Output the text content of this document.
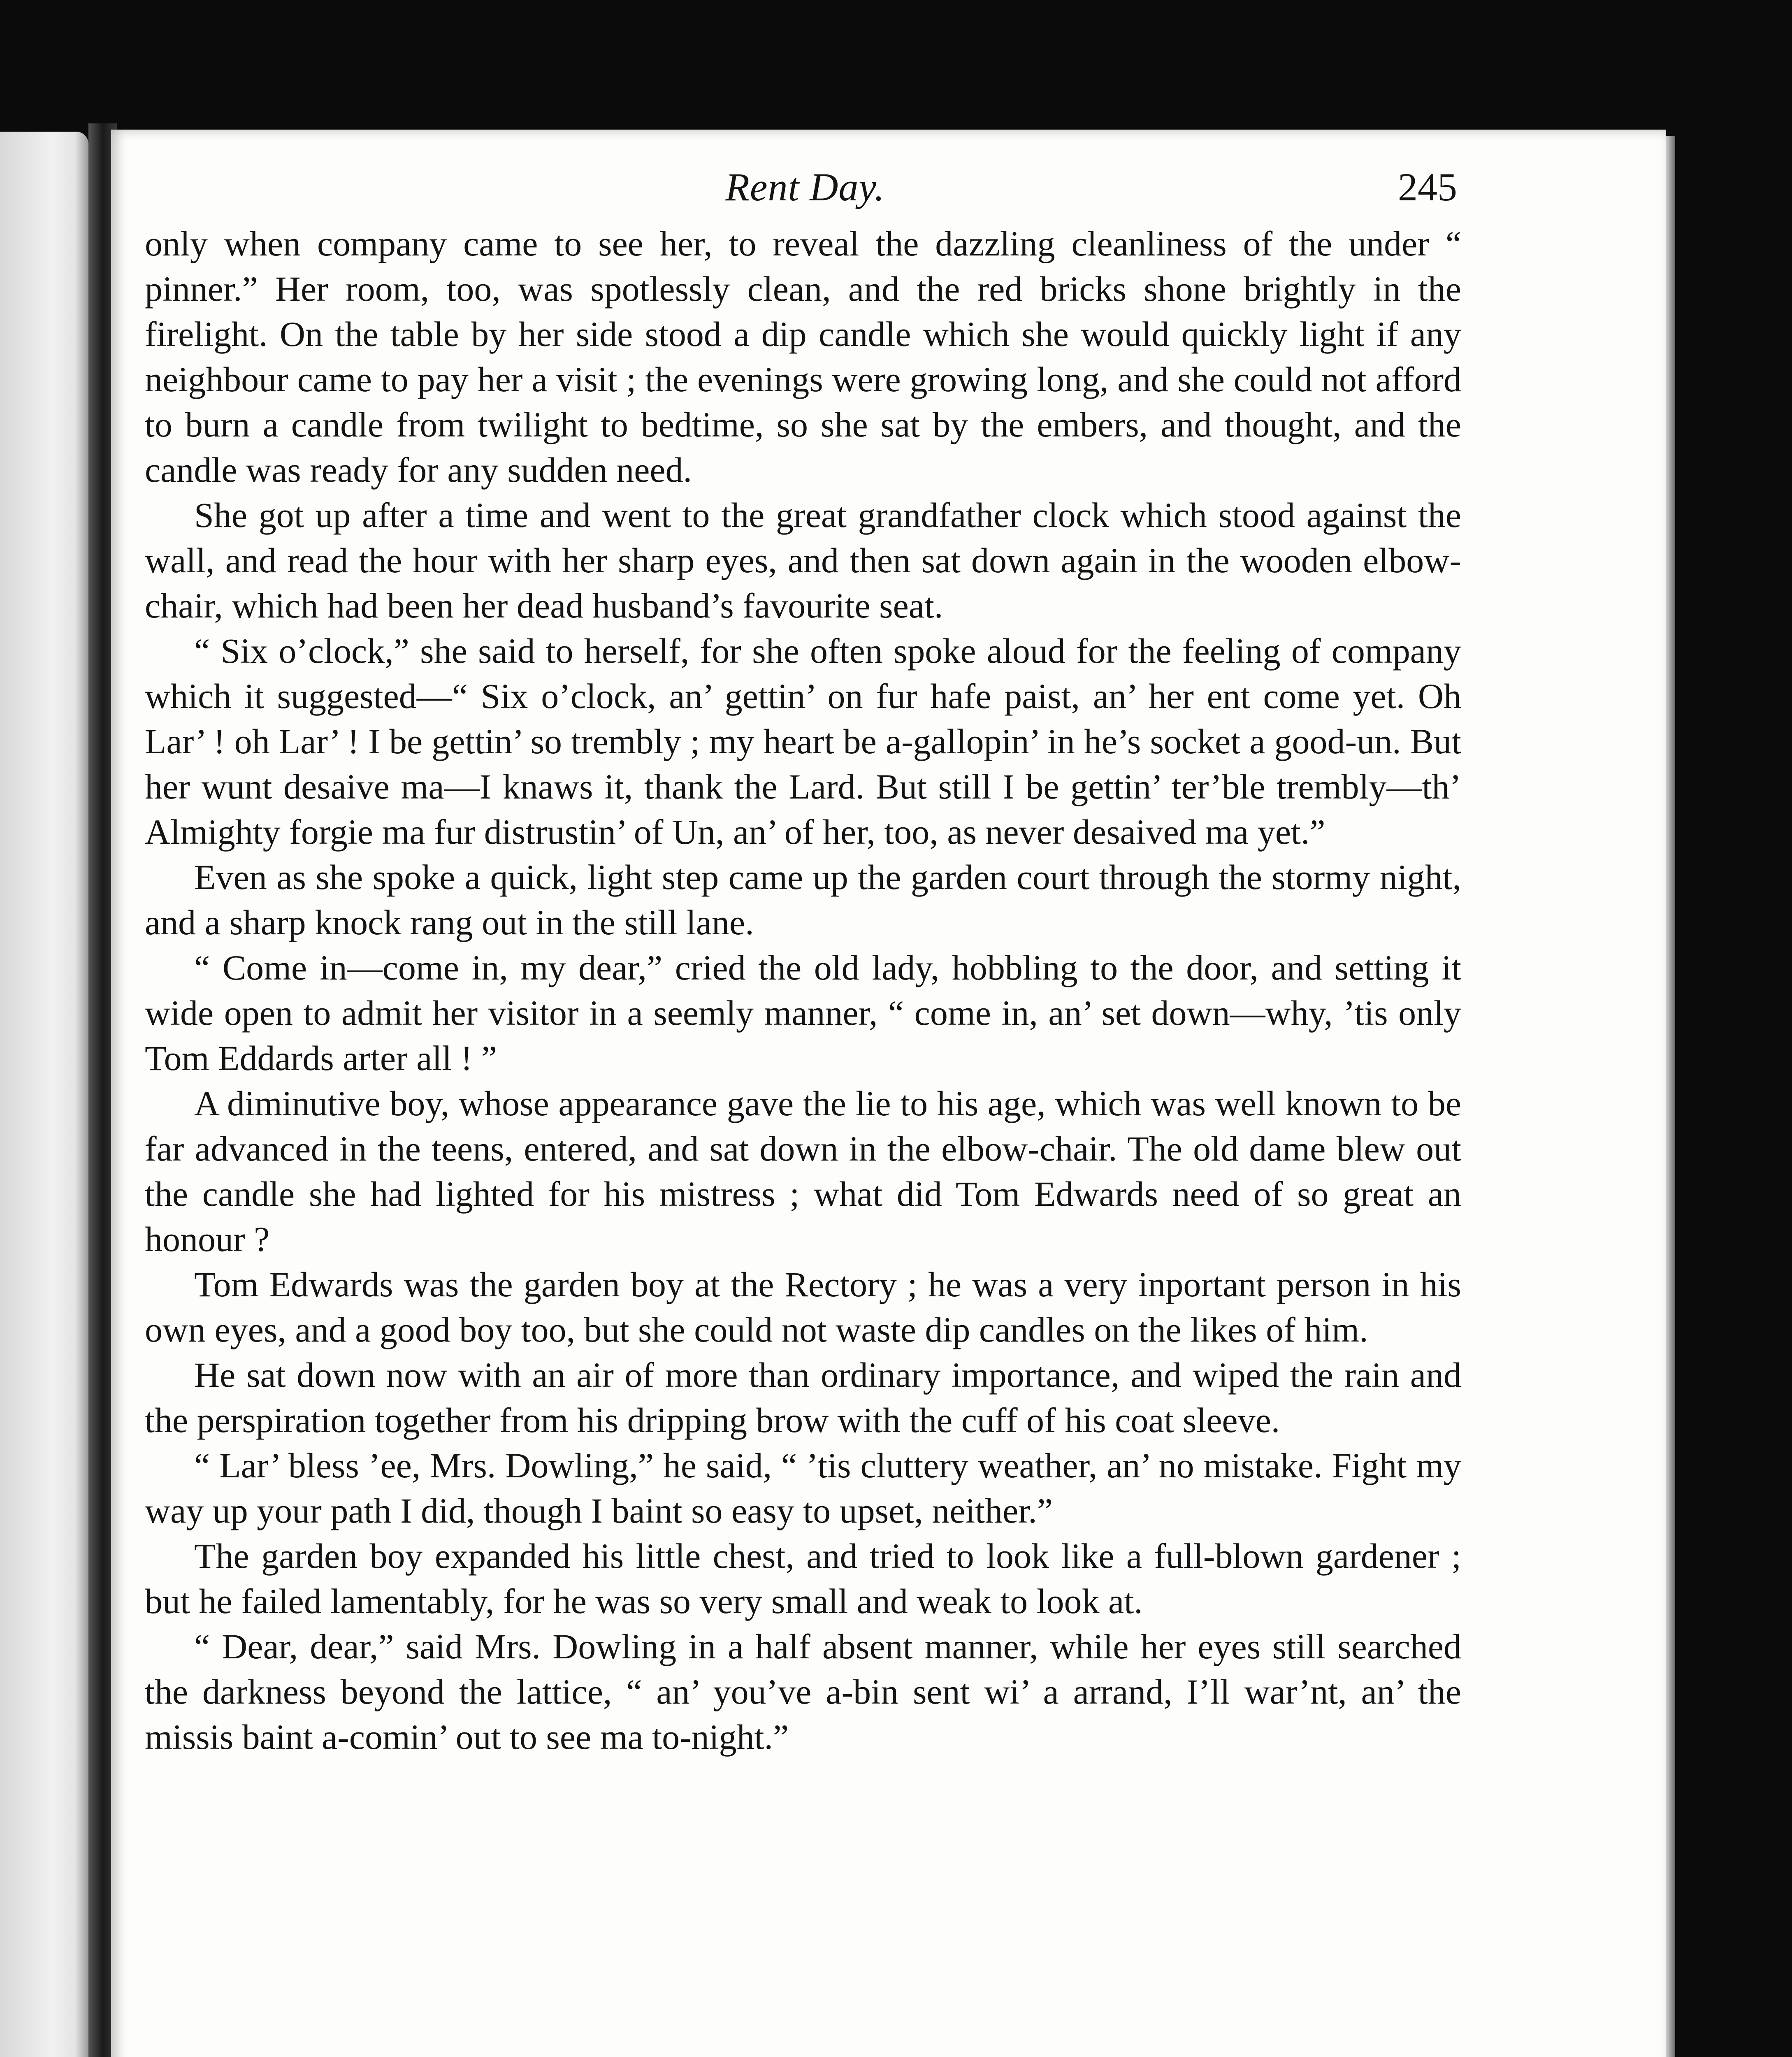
Rent Day.	245

only when company came to see her, to reveal the dazzling cleanliness of the under “ pinner.” Her room, too, was spotlessly clean, and the red bricks shone brightly in the firelight. On the table by her side stood a dip candle which she would quickly light if any neighbour came to pay her a visit ; the evenings were growing long, and she could not afford to burn a candle from twilight to bedtime, so she sat by the embers, and thought, and the candle was ready for any sudden need.

She got up after a time and went to the great grandfather clock which stood against the wall, and read the hour with her sharp eyes, and then sat down again in the wooden elbow-chair, which had been her dead husband’s favourite seat.

“ Six o’clock,” she said to herself, for she often spoke aloud for the feeling of company which it suggested—“ Six o’clock, an’ gettin’ on fur hafe paist, an’ her ent come yet. Oh Lar’ ! oh Lar’ ! I be gettin’ so trembly ; my heart be a-gallopin’ in he’s socket a good-un. But her wunt desaive ma—I knaws it, thank the Lard. But still I be gettin’ ter’ble trembly—th’ Almighty forgie ma fur distrustin’ of Un, an’ of her, too, as never desaived ma yet.”

Even as she spoke a quick, light step came up the garden court through the stormy night, and a sharp knock rang out in the still lane.

“ Come in—come in, my dear,” cried the old lady, hobbling to the door, and setting it wide open to admit her visitor in a seemly manner, “ come in, an’ set down—why, ’tis only Tom Eddards arter all ! ”

A diminutive boy, whose appearance gave the lie to his age, which was well known to be far advanced in the teens, entered, and sat down in the elbow-chair. The old dame blew out the candle she had lighted for his mistress ; what did Tom Edwards need of so great an honour ?

Tom Edwards was the garden boy at the Rectory ; he was a very inportant person in his own eyes, and a good boy too, but she could not waste dip candles on the likes of him.

He sat down now with an air of more than ordinary importance, and wiped the rain and the perspiration together from his dripping brow with the cuff of his coat sleeve.

“ Lar’ bless ’ee, Mrs. Dowling,” he said, “ ’tis cluttery weather, an’ no mistake. Fight my way up your path I did, though I baint so easy to upset, neither.”

The garden boy expanded his little chest, and tried to look like a full-blown gardener ; but he failed lamentably, for he was so very small and weak to look at.

“ Dear, dear,” said Mrs. Dowling in a half absent manner, while her eyes still searched the darkness beyond the lattice, “ an’ you’ve a-bin sent wi’ a arrand, I’ll war’nt, an’ the missis baint a-comin’ out to see ma to-night.”
